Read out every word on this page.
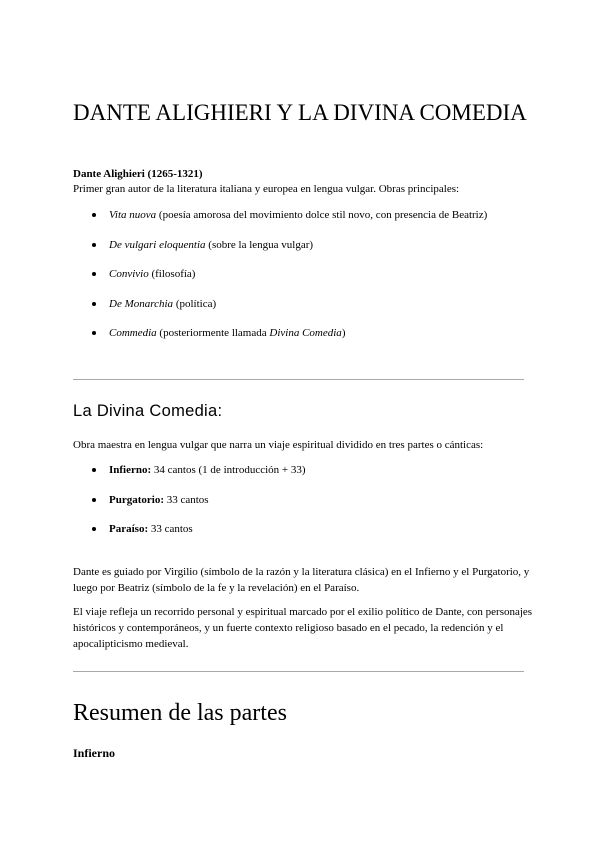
DANTE ALIGHIERI Y LA DIVINA COMEDIA

Dante Alighieri (1265-1321)

Primer gran autor de la literatura italiana y europea en lengua vulgar. Obras principales:

Vita nuova (poesía amorosa del movimiento dolce stil novo, con presencia de Beatriz)
De vulgari eloquentia (sobre la lengua vulgar)
Convivio (filosofía)
De Monarchia (política)
Commedia (posteriormente llamada Divina Comedia)
La Divina Comedia:

Obra maestra en lengua vulgar que narra un viaje espiritual dividido en tres partes o cánticas:

Infierno: 34 cantos (1 de introducción + 33)
Purgatorio: 33 cantos
Paraíso: 33 cantos

Dante es guiado por Virgilio (símbolo de la razón y la literatura clásica) en el Infierno y el Purgatorio, y luego por Beatriz (símbolo de la fe y la revelación) en el Paraíso.

El viaje refleja un recorrido personal y espiritual marcado por el exilio político de Dante, con personajes históricos y contemporáneos, y un fuerte contexto religioso basado en el pecado, la redención y el apocalipticismo medieval.

Resumen de las partes
Infierno
